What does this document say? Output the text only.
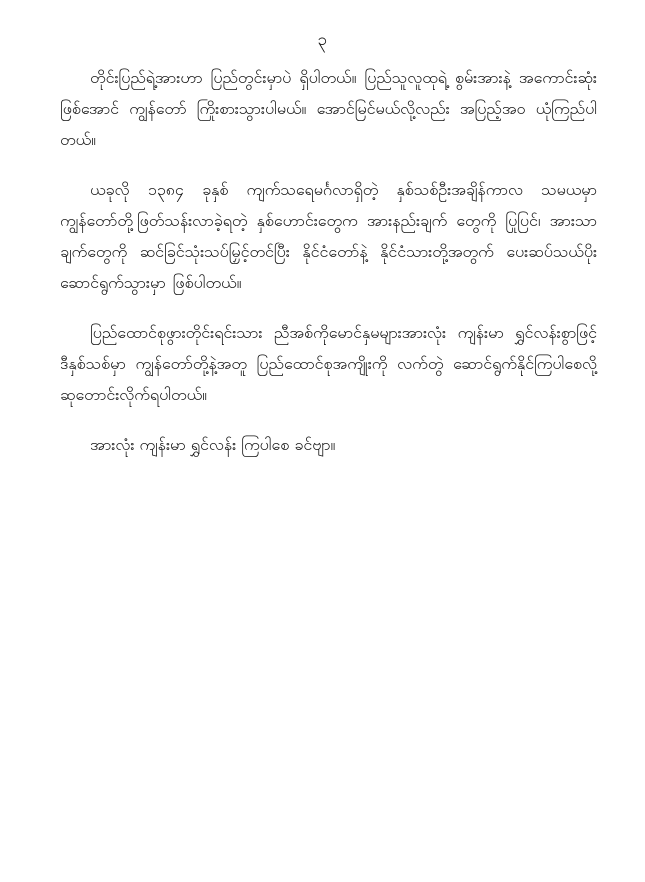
၃

တိုင်းပြည်ရဲ့အားဟာ ပြည်တွင်းမှာပဲ ရှိပါတယ်။ ပြည်သူလူထုရဲ့ စွမ်းအားနဲ့ အကောင်းဆုံးဖြစ်အောင် ကျွန်တော် ကြိုးစားသွားပါမယ်။ အောင်မြင်မယ်လို့လည်း အပြည့်အဝ ယုံကြည်ပါတယ်။

ယခုလို ၁၃၈၄ ခုနှစ် ကျက်သရေမင်္ဂလာရှိတဲ့ နှစ်သစ်ဦးအချိန်ကာလ သမယမှာ ကျွန်တော်တို့ဖြတ်သန်းလာခဲ့ရတဲ့ နှစ်ဟောင်းတွေက အားနည်းချက် တွေကို ပြုပြင်၊ အားသာချက်တွေကို ဆင်ခြင်သုံးသပ်မြှင့်တင်ပြီး နိုင်ငံတော်နဲ့ နိုင်ငံသားတို့အတွက် ပေးဆပ်သယ်ပိုး ဆောင်ရွက်သွားမှာ ဖြစ်ပါတယ်။

ပြည်ထောင်စုဖွားတိုင်းရင်းသား ညီအစ်ကိုမောင်နှမများအားလုံး ကျန်းမာ ရွှင်လန်းစွာဖြင့် ဒီနှစ်သစ်မှာ ကျွန်တော်တို့နဲ့အတူ ပြည်ထောင်စုအကျိုးကို လက်တွဲ ဆောင်ရွက်နိုင်ကြပါစေလို့ ဆုတောင်းလိုက်ရပါတယ်။

အားလုံး ကျန်းမာ ရွှင်လန်း ကြပါစေ ခင်ဗျာ။
